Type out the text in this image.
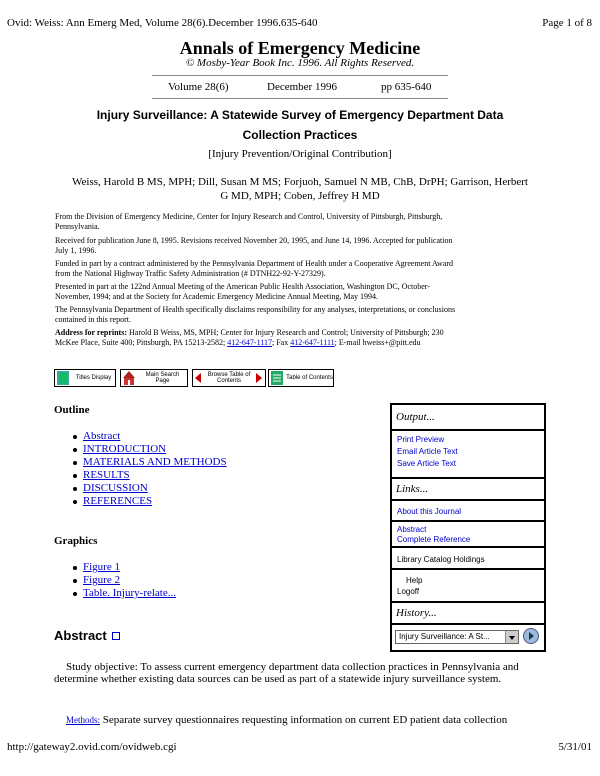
Ovid: Weiss: Ann Emerg Med, Volume 28(6).December 1996.635-640	Page 1 of 8
Annals of Emergency Medicine
© Mosby-Year Book Inc. 1996. All Rights Reserved.
Volume 28(6)	December 1996	pp 635-640
Injury Surveillance: A Statewide Survey of Emergency Department Data
Collection Practices
[Injury Prevention/Original Contribution]
Weiss, Harold B MS, MPH; Dill, Susan M MS; Forjuoh, Samuel N MB, ChB, DrPH; Garrison, Herbert
G MD, MPH; Coben, Jeffrey H MD
From the Division of Emergency Medicine, Center for Injury Research and Control, University of Pittsburgh, Pittsburgh,
Pennsylvania.
Received for publication June 8, 1995. Revisions received November 20, 1995, and June 14, 1996. Accepted for publication
July 1, 1996.
Funded in part by a contract administered by the Pennsylvania Department of Health under a Cooperative Agreement Award
from the National Highway Traffic Safety Administration (# DTNH22-92-Y-27329).
Presented in part at the 122nd Annual Meeting of the American Public Health Association, Washington DC, October-
November, 1994; and at the Society for Academic Emergency Medicine Annual Meeting, May 1994.
The Pennsylvania Department of Health specifically disclaims responsibility for any analyses, interpretations, or conclusions
contained in this report.
Address for reprints: Harold B Weiss, MS, MPH; Center for Injury Research and Control; University of Pittsburgh; 230
McKee Place, Suite 400; Pittsburgh, PA 15213-2582; 412-647-1117; Fax 412-647-1111; E-mail hweiss+@pitt.edu
Titles Display	Main Search Page
Browse Table of Contents	Table of Contents
Outline
Abstract
INTRODUCTION
MATERIALS AND METHODS
RESULTS
DISCUSSION
REFERENCES
Graphics
Figure 1
Figure 2
Table. Injury-relate...
Output...
Print Preview
Email Article Text
Save Article Text
Links...
About this Journal
Abstract
Complete Reference
Library Catalog Holdings
Help
Logoff
History...
Injury Surveillance: A St...
Abstract
Study objective: To assess current emergency department data collection practices in Pennsylvania and determine whether existing data sources can be used as part of a statewide injury surveillance system.
Methods: Separate survey questionnaires requesting information on current ED patient data collection
http://gateway2.ovid.com/ovidweb.cgi	5/31/01
